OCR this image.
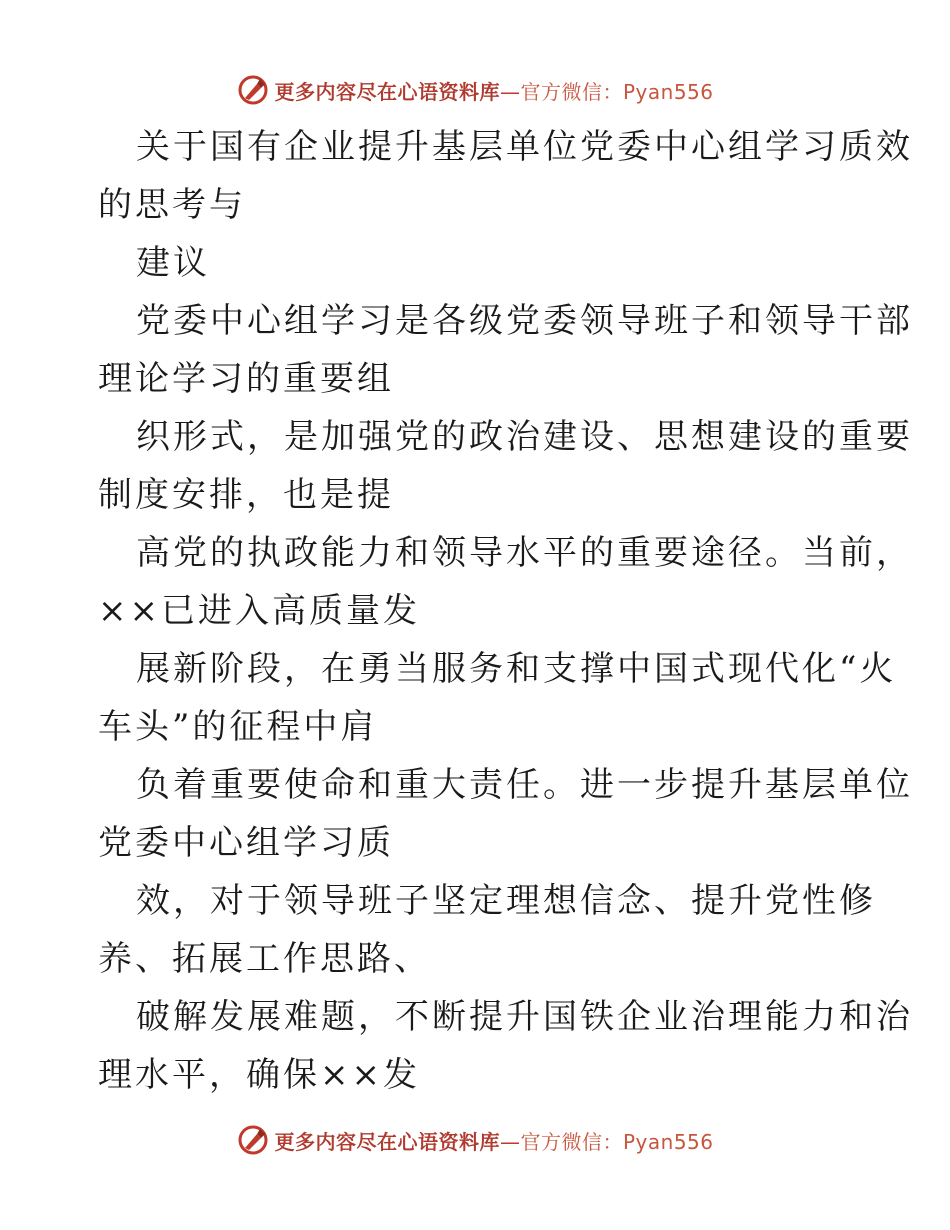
更多内容尽在心语资料库—官方微信：Pyan556
关于国有企业提升基层单位党委中心组学习质效
的思考与
建议
党委中心组学习是各级党委领导班子和领导干部
理论学习的重要组
织形式，是加强党的政治建设、思想建设的重要
制度安排，也是提
高党的执政能力和领导水平的重要途径。当前，
××已进入高质量发
展新阶段，在勇当服务和支撑中国式现代化“火
车头”的征程中肩
负着重要使命和重大责任。进一步提升基层单位
党委中心组学习质
效，对于领导班子坚定理想信念、提升党性修
养、拓展工作思路、
破解发展难题，不断提升国铁企业治理能力和治
理水平，确保××发
更多内容尽在心语资料库—官方微信：Pyan556
